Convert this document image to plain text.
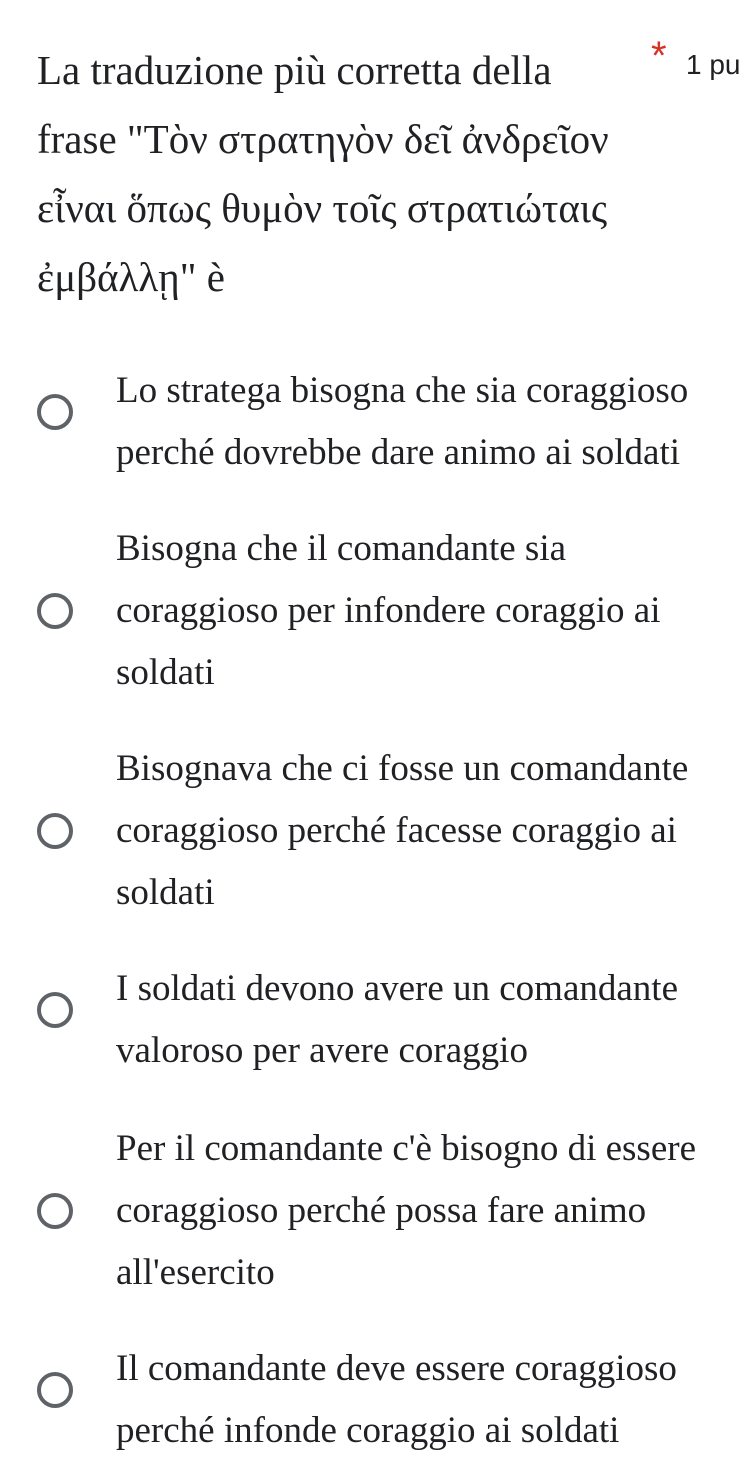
La traduzione più corretta della frase "Tὸν στρατηγὸν δεῖ ἀνδρεῖον εἶναι ὅπως θυμὸν τοῖς στρατιώταις ἐμβάλλῃ" è
* 1 pu
Lo stratega bisogna che sia coraggioso
perché dovrebbe dare animo ai soldati
Bisogna che il comandante sia
coraggioso per infondere coraggio ai
soldati
Bisognava che ci fosse un comandante
coraggioso perché facesse coraggio ai
soldati
I soldati devono avere un comandante
valoroso per avere coraggio
Per il comandante c'è bisogno di essere
coraggioso perché possa fare animo
all'esercito
Il comandante deve essere coraggioso
perché infonde coraggio ai soldati
